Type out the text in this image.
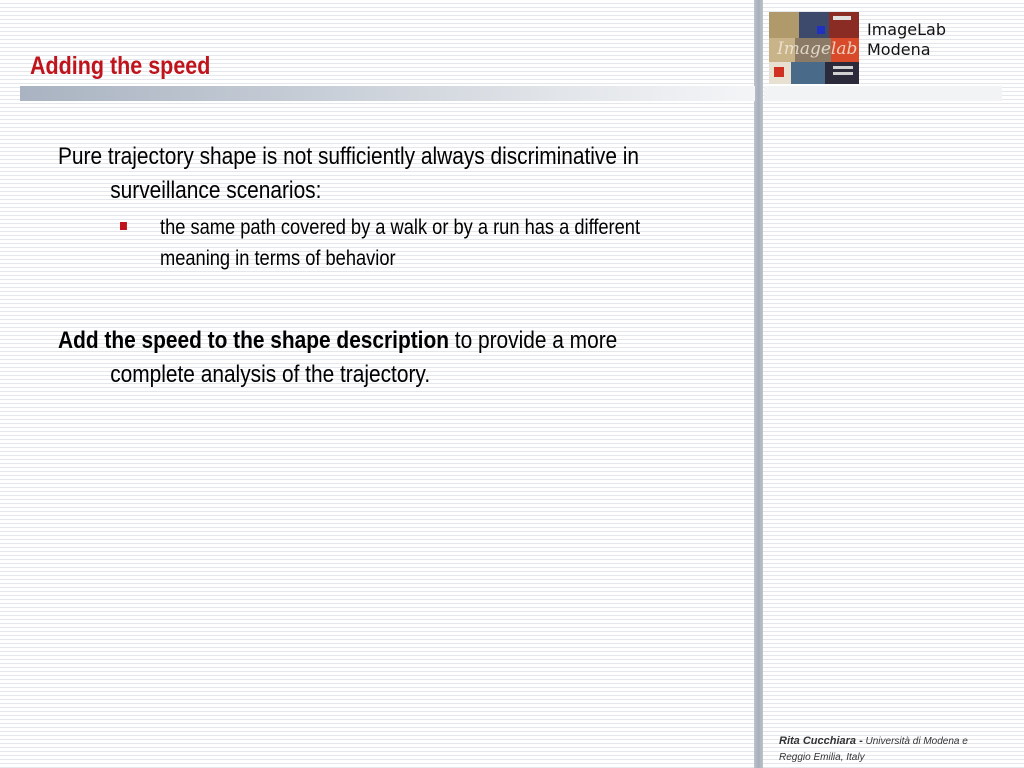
Adding the speed
Imagelab
ImageLab
Modena
Pure trajectory shape is not sufficiently always discriminative in
surveillance scenarios:
the same path covered by a walk or by a run has a different
meaning in terms of behavior
Add the speed to the shape description to provide a more
complete analysis of the trajectory.
Rita Cucchiara - Università di Modena e
Reggio Emilia, Italy
